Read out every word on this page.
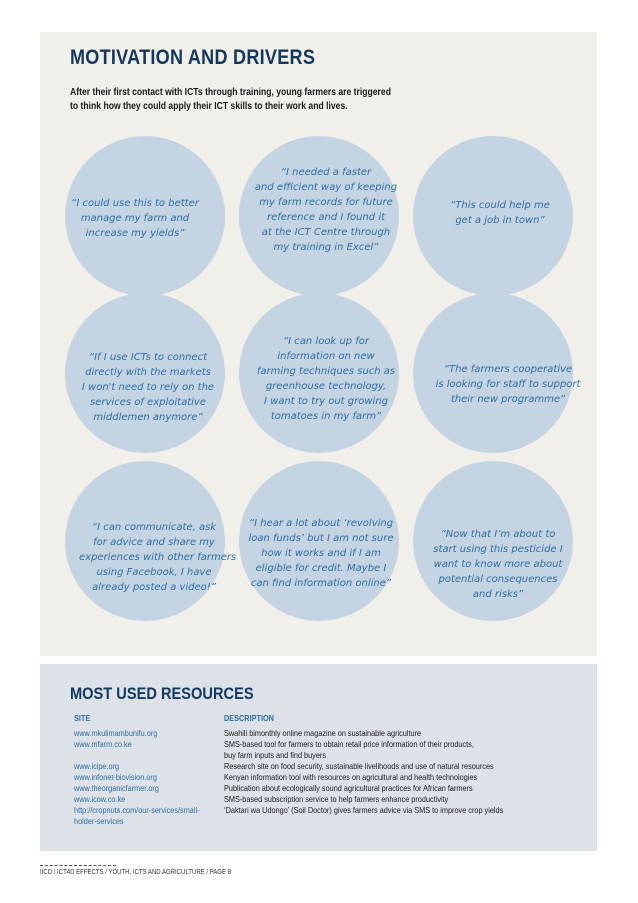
MOTIVATION AND DRIVERS
After their first contact with ICTs through training, young farmers are triggered
to think how they could apply their ICT skills to their work and lives.
“I could use this to better
manage my farm and
increase my yields”
“I needed a faster
and efficient way of keeping
my farm records for future
reference and I found it
at the ICT Centre through
my training in Excel”
“This could help me
get a job in town”
“If I use ICTs to connect
directly with the markets
I won't need to rely on the
services of exploitative
middlemen anymore”
“I can look up for
information on new
farming techniques such as
greenhouse technology,
I want to try out growing
tomatoes in my farm”
“The farmers cooperative
is looking for staff to support
their new programme”
“I can communicate, ask
for advice and share my
experiences with other farmers
using Facebook, I have
already posted a video!”
“I hear a lot about ‘revolving
loan funds’ but I am not sure
how it works and if I am
eligible for credit. Maybe I
can find information online”
“Now that I’m about to
start using this pesticide I
want to know more about
potential consequences
and risks”
MOST USED RESOURCES
SITE	DESCRIPTION
www.mkulimambunifu.org
www.mfarm.co.ke
www.icipe.org
www.infonet-biovision.org
www.theorganicfarmer.org
www.icow.co.ke
http://cropnuts.com/our-services/small-
holder-services
Swahili bimonthly online magazine on sustainable agriculture
SMS-based tool for farmers to obtain retail price information of their products,
buy farm inputs and find buyers
Research site on food security, sustainable livelihoods and use of natural resources
Kenyan information tool with resources on agricultural and health technologies
Publication about ecologically sound agricultural practices for African farmers
SMS-based subscription service to help farmers enhance productivity
‘Daktari wa Udongo’ (Soil Doctor) gives farmers advice via SMS to improve crop yields
IICD / ICT4D EFFECTS / YOUTH, ICTS AND AGRICULTURE / PAGE 8
